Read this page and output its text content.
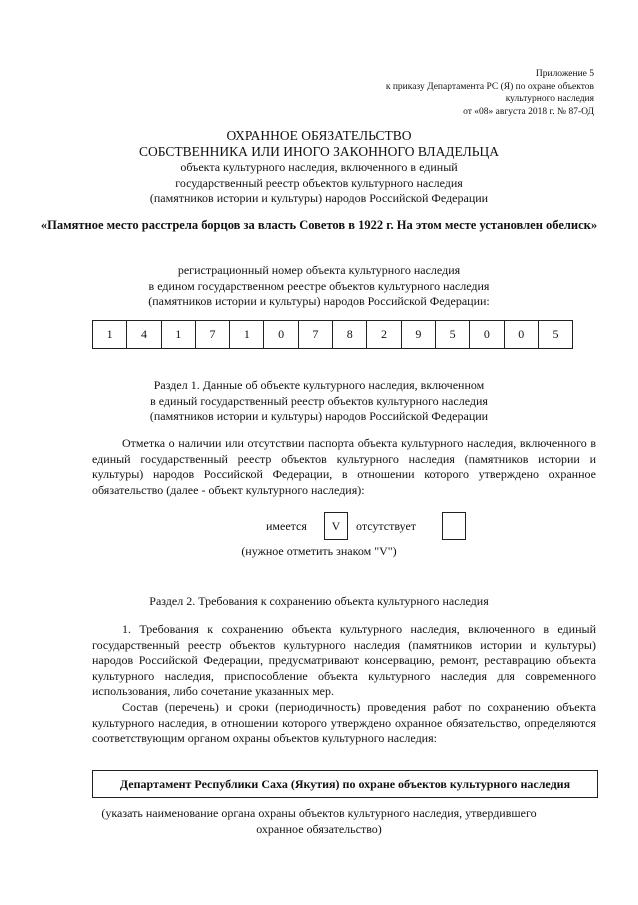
Приложение 5
к приказу Департамента РС (Я) по охране объектов
культурного наследия
от «08» августа 2018 г. № 87-ОД
ОХРАННОЕ ОБЯЗАТЕЛЬСТВО
СОБСТВЕННИКА ИЛИ ИНОГО ЗАКОННОГО ВЛАДЕЛЬЦА
объекта культурного наследия, включенного в единый
государственный реестр объектов культурного наследия
(памятников истории и культуры) народов Российской Федерации
«Памятное место расстрела борцов за власть Советов в 1922 г. На этом месте установлен обелиск»
регистрационный номер объекта культурного наследия
в едином государственном реестре объектов культурного наследия
(памятников истории и культуры) народов Российской Федерации:
1	4	1	7	1	0	7	8	2	9	5	0	0	5
Раздел 1. Данные об объекте культурного наследия, включенном
в единый государственный реестр объектов культурного наследия
(памятников истории и культуры) народов Российской Федерации
Отметка о наличии или отсутствии паспорта объекта культурного наследия, включенного в единый государственный реестр объектов культурного наследия (памятников истории и культуры) народов Российской Федерации, в отношении которого утверждено охранное обязательство (далее - объект культурного наследия):
имеется	V	отсутствует
(нужное отметить знаком "V")
Раздел 2. Требования к сохранению объекта культурного наследия
1. Требования к сохранению объекта культурного наследия, включенного в единый государственный реестр объектов культурного наследия (памятников истории и культуры) народов Российской Федерации, предусматривают консервацию, ремонт, реставрацию объекта культурного наследия, приспособление объекта культурного наследия для современного использования, либо сочетание указанных мер.
Состав (перечень) и сроки (периодичность) проведения работ по сохранению объекта культурного наследия, в отношении которого утверждено охранное обязательство, определяются соответствующим органом охраны объектов культурного наследия:
Департамент Республики Саха (Якутия) по охране объектов культурного наследия
(указать наименование органа охраны объектов культурного наследия, утвердившего
охранное обязательство)
